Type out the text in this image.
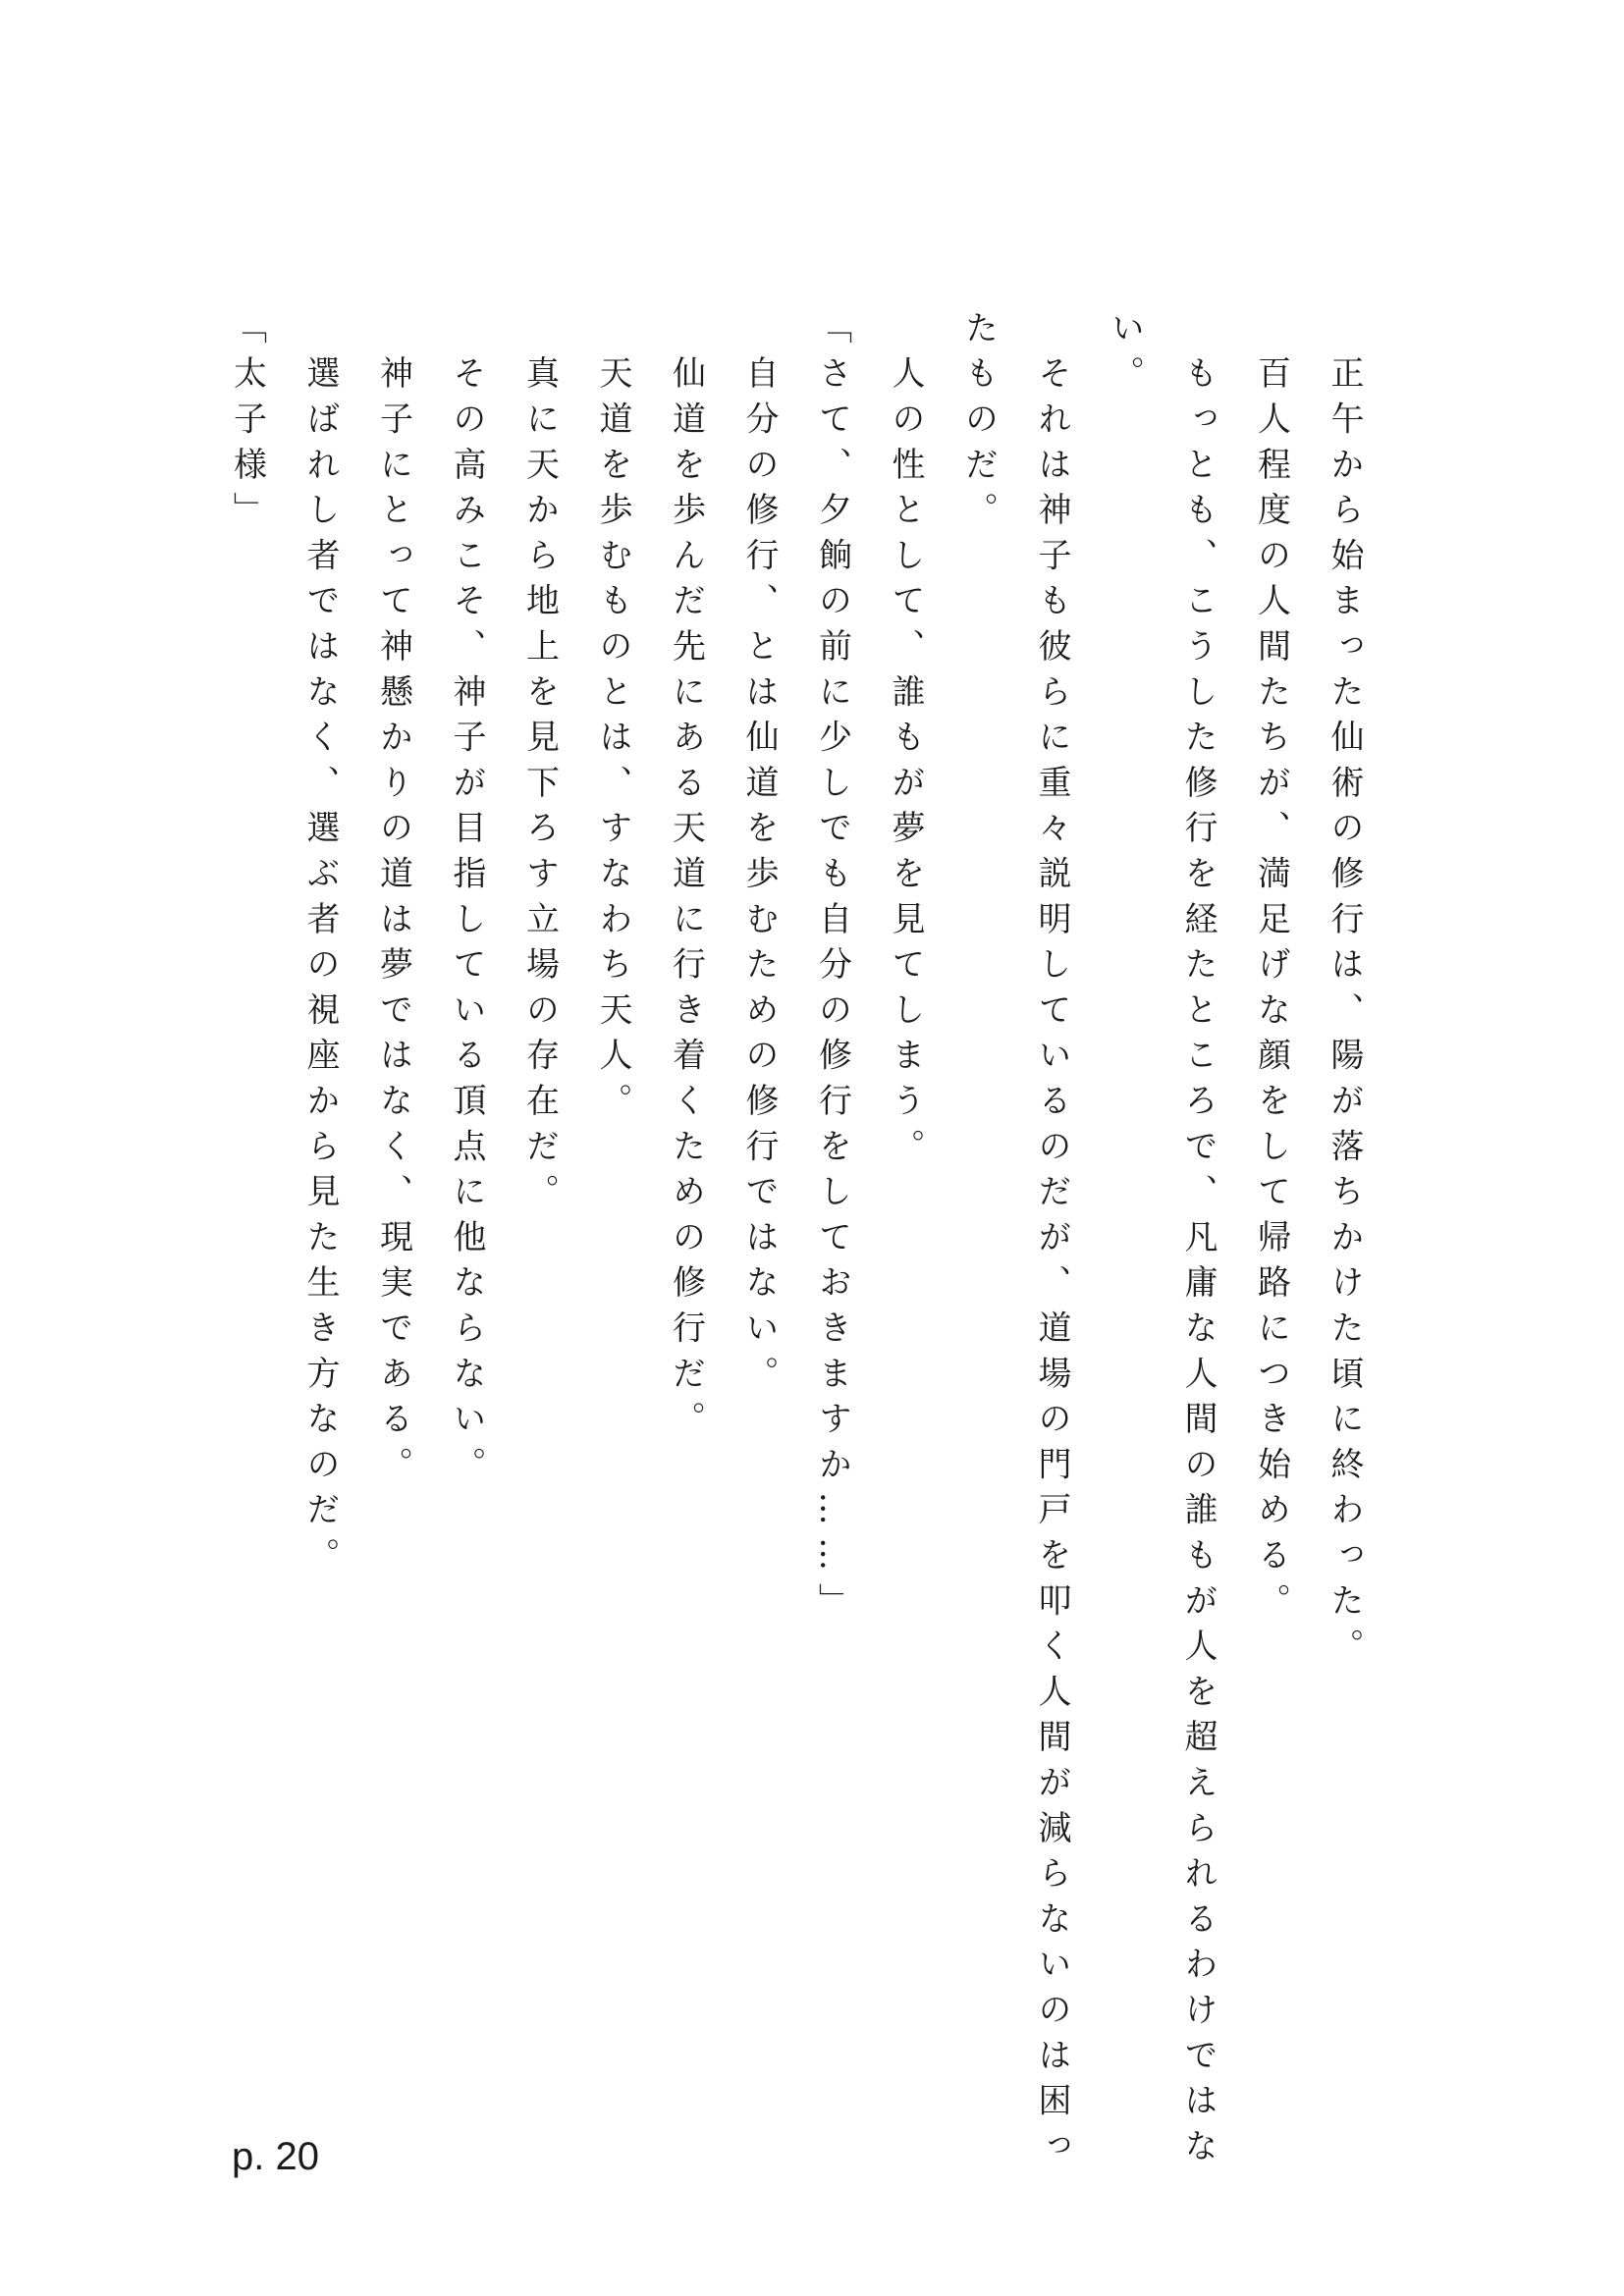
　正午から始まった仙術の修行は、陽が落ちかけた頃に終わった。

　百人程度の人間たちが、満足げな顔をして帰路につき始める。

　もっとも、こうした修行を経たところで、凡庸な人間の誰もが人を超えられるわけではな

い。

　それは神子も彼らに重々説明しているのだが、道場の門戸を叩く人間が減らないのは困っ

たものだ。

　人の性として、誰もが夢を見てしまう。

「さて、夕餉の前に少しでも自分の修行をしておきますか……」

　自分の修行、とは仙道を歩むための修行ではない。

　仙道を歩んだ先にある天道に行き着くための修行だ。

　天道を歩むものとは、すなわち天人。

　真に天から地上を見下ろす立場の存在だ。

　その高みこそ、神子が目指している頂点に他ならない。

　神子にとって神懸かりの道は夢ではなく、現実である。

　選ばれし者ではなく、選ぶ者の視座から見た生き方なのだ。

「太子様」

p. 20
